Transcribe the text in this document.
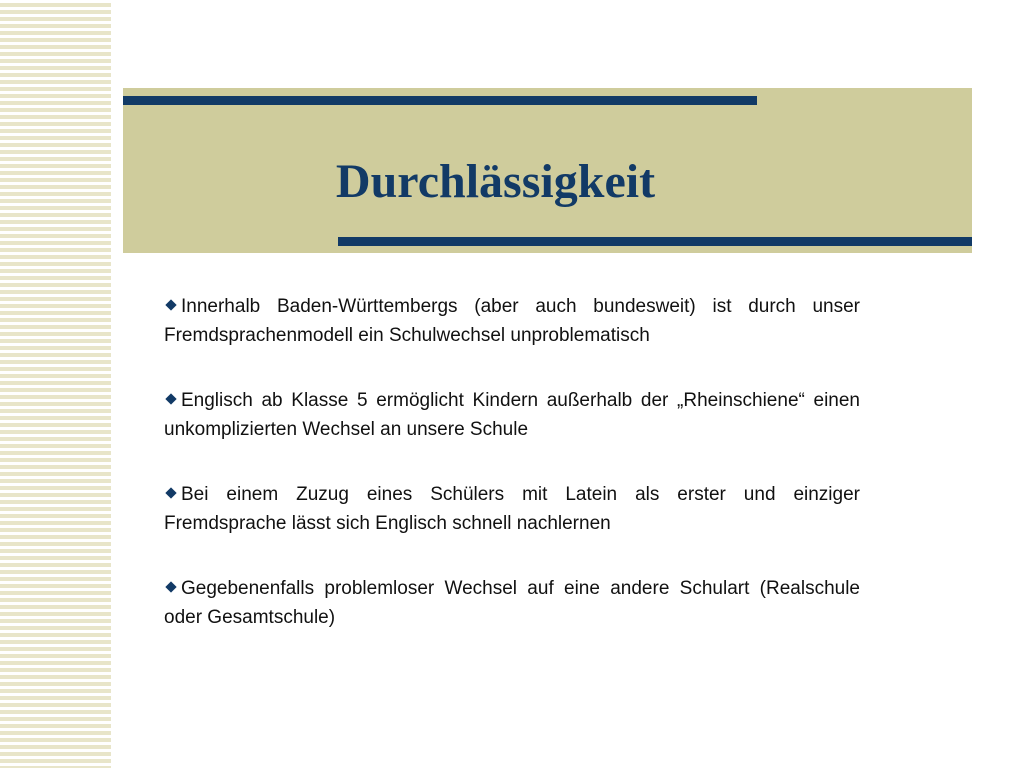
Durchlässigkeit
Innerhalb Baden-Württembergs (aber auch bundesweit) ist durch unser Fremdsprachenmodell ein Schulwechsel unproblematisch
Englisch ab Klasse 5 ermöglicht Kindern außerhalb der „Rheinschiene“ einen unkomplizierten Wechsel an unsere Schule
Bei einem Zuzug eines Schülers mit Latein als erster und einziger Fremdsprache lässt sich Englisch schnell nachlernen
Gegebenenfalls problemloser Wechsel auf eine andere Schulart (Realschule oder Gesamtschule)
